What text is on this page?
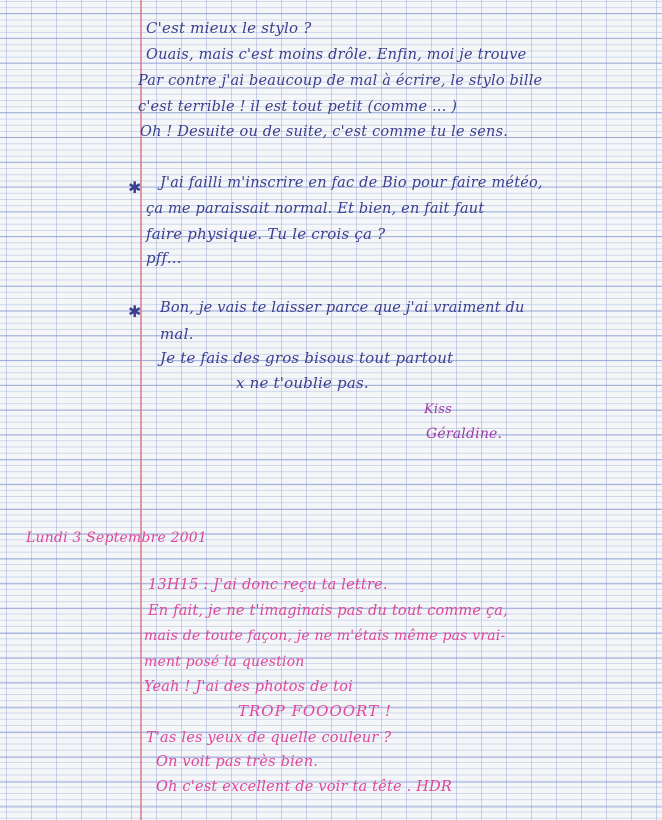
C'est mieux le stylo ?

Ouais, mais c'est moins drôle. Enfin, moi je trouve

Par contre j'ai beaucoup de mal à écrire, le stylo bille

c'est terrible ! il est tout petit (comme ... )

Oh ! Desuite ou de suite, c'est comme tu le sens.

✱ J'ai failli m'inscrire en fac de Bio pour faire météo,

ça me paraissait normal. Et bien, en fait faut

faire physique. Tu le crois ça ?

pff...

✱ Bon, je vais te laisser parce que j'ai vraiment du

mal.

Je te fais des gros bisous tout partout

x ne t'oublie pas.

Kiss

Géraldine.

Lundi 3 Septembre 2001

13H15 : J'ai donc reçu ta lettre.

En fait, je ne t'imaginais pas du tout comme ça,

mais de toute façon, je ne m'étais même pas vrai-

ment posé la question

Yeah ! J'ai des photos de toi

TROP FOOOORT !

T'as les yeux de quelle couleur ?

On voit pas très bien.

Oh c'est excellent de voir ta tête . HDR
